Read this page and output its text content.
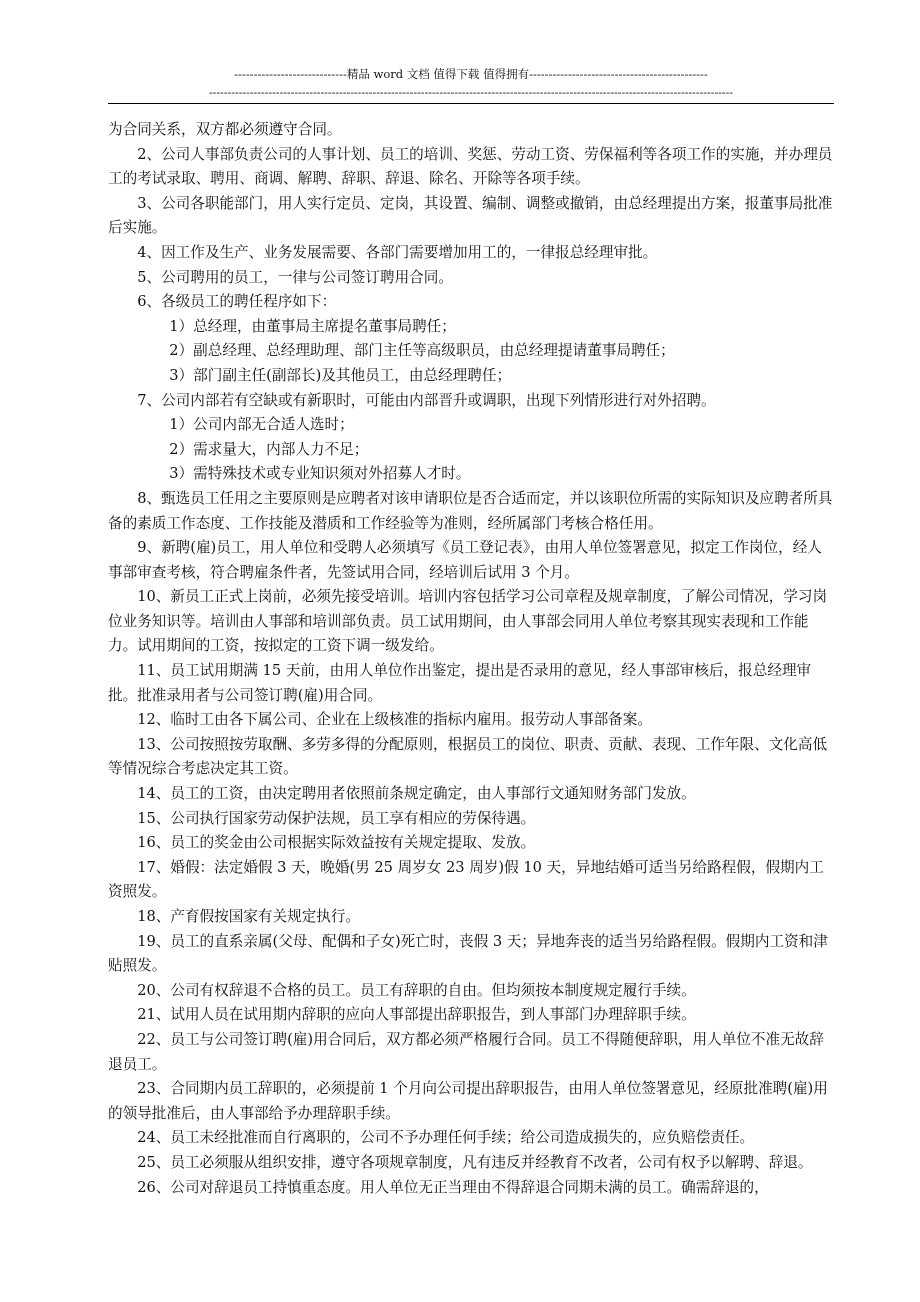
-----------------------------精品 word 文档 值得下载 值得拥有----------------------------------------------
---------------------------------------------------------------------------------------------------------------------------------------------

为合同关系，双方都必须遵守合同。

2、公司人事部负责公司的人事计划、员工的培训、奖惩、劳动工资、劳保福利等各项工作的实施，并办理员工的考试录取、聘用、商调、解聘、辞职、辞退、除名、开除等各项手续。

3、公司各职能部门，用人实行定员、定岗，其设置、编制、调整或撤销，由总经理提出方案，报董事局批准后实施。

4、因工作及生产、业务发展需要、各部门需要增加用工的，一律报总经理审批。

5、公司聘用的员工，一律与公司签订聘用合同。

6、各级员工的聘任程序如下：

1）总经理，由董事局主席提名董事局聘任；

2）副总经理、总经理助理、部门主任等高级职员，由总经理提请董事局聘任；

3）部门副主任(副部长)及其他员工，由总经理聘任；

7、公司内部若有空缺或有新职时，可能由内部晋升或调职，出现下列情形进行对外招聘。

1）公司内部无合适人选时；

2）需求量大，内部人力不足；

3）需特殊技术或专业知识须对外招募人才时。

8、甄选员工任用之主要原则是应聘者对该申请职位是否合适而定，并以该职位所需的实际知识及应聘者所具备的素质工作态度、工作技能及潜质和工作经验等为准则，经所属部门考核合格任用。

9、新聘(雇)员工，用人单位和受聘人必须填写《员工登记表》，由用人单位签署意见，拟定工作岗位，经人事部审查考核，符合聘雇条件者，先签试用合同，经培训后试用 3 个月。

10、新员工正式上岗前，必须先接受培训。培训内容包括学习公司章程及规章制度，了解公司情况，学习岗位业务知识等。培训由人事部和培训部负责。员工试用期间，由人事部会同用人单位考察其现实表现和工作能力。试用期间的工资，按拟定的工资下调一级发给。

11、员工试用期满 15 天前，由用人单位作出鉴定，提出是否录用的意见，经人事部审核后，报总经理审批。批准录用者与公司签订聘(雇)用合同。

12、临时工由各下属公司、企业在上级核准的指标内雇用。报劳动人事部备案。

13、公司按照按劳取酬、多劳多得的分配原则，根据员工的岗位、职责、贡献、表现、工作年限、文化高低等情况综合考虑决定其工资。

14、员工的工资，由决定聘用者依照前条规定确定，由人事部行文通知财务部门发放。

15、公司执行国家劳动保护法规，员工享有相应的劳保待遇。

16、员工的奖金由公司根据实际效益按有关规定提取、发放。

17、婚假：法定婚假 3 天，晚婚(男 25 周岁女 23 周岁)假 10 天，异地结婚可适当另给路程假，假期内工资照发。

18、产育假按国家有关规定执行。

19、员工的直系亲属(父母、配偶和子女)死亡时，丧假 3 天；异地奔丧的适当另给路程假。假期内工资和津贴照发。

20、公司有权辞退不合格的员工。员工有辞职的自由。但均须按本制度规定履行手续。

21、试用人员在试用期内辞职的应向人事部提出辞职报告，到人事部门办理辞职手续。

22、员工与公司签订聘(雇)用合同后，双方都必须严格履行合同。员工不得随便辞职，用人单位不准无故辞退员工。

23、合同期内员工辞职的，必须提前 1 个月向公司提出辞职报告，由用人单位签署意见，经原批准聘(雇)用的领导批准后，由人事部给予办理辞职手续。

24、员工未经批准而自行离职的，公司不予办理任何手续；给公司造成损失的，应负赔偿责任。

25、员工必须服从组织安排，遵守各项规章制度，凡有违反并经教育不改者，公司有权予以解聘、辞退。

26、公司对辞退员工持慎重态度。用人单位无正当理由不得辞退合同期未满的员工。确需辞退的，
